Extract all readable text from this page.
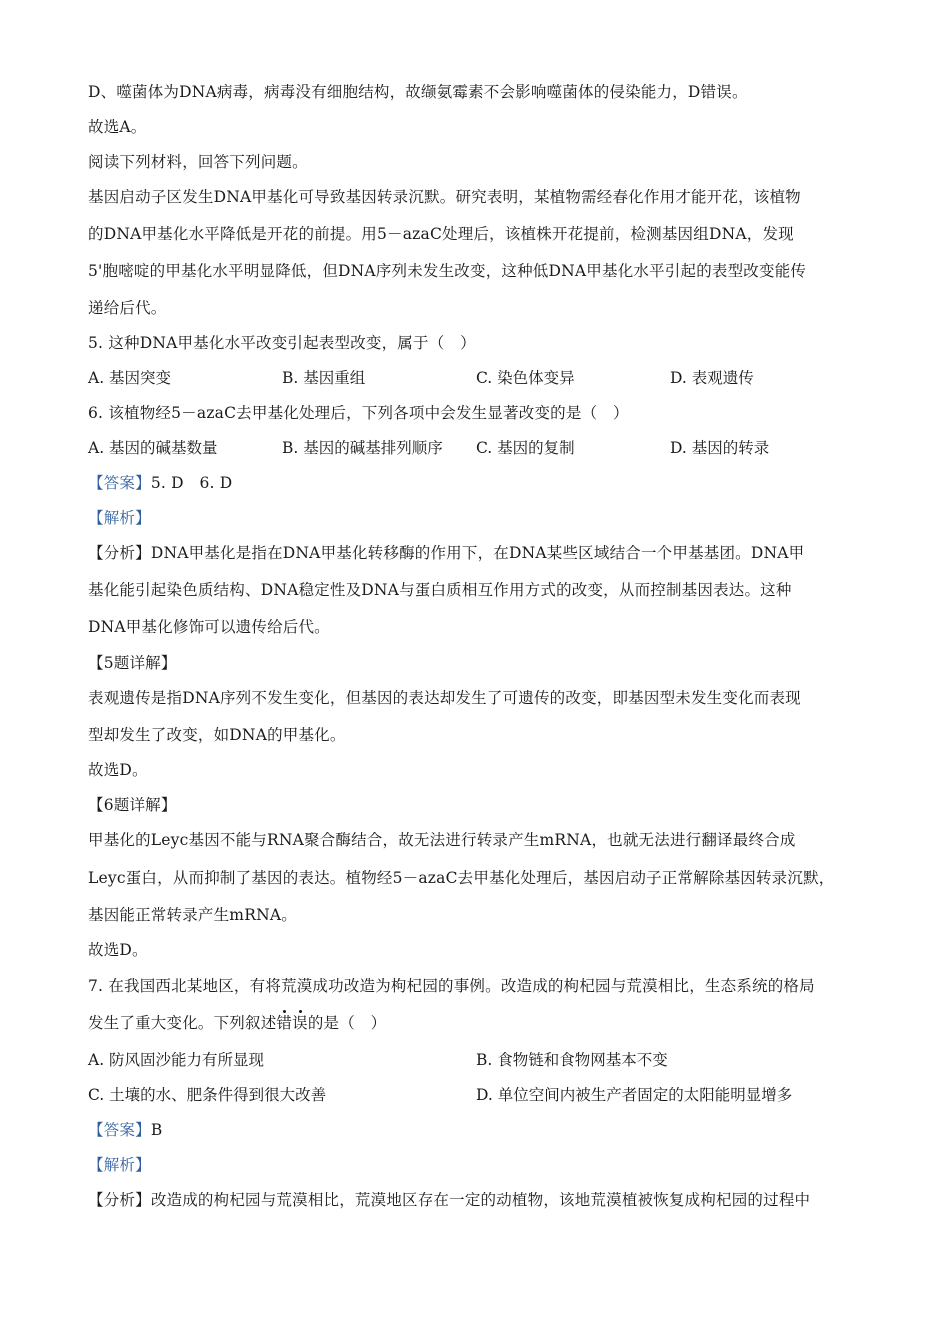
D、噬菌体为DNA病毒，病毒没有细胞结构，故缬氨霉素不会影响噬菌体的侵染能力，D错误。
故选A。
阅读下列材料，回答下列问题。
基因启动子区发生DNA甲基化可导致基因转录沉默。研究表明，某植物需经春化作用才能开花，该植物
的DNA甲基化水平降低是开花的前提。用5－azaC处理后，该植株开花提前，检测基因组DNA，发现
5'胞嘧啶的甲基化水平明显降低，但DNA序列未发生改变，这种低DNA甲基化水平引起的表型改变能传
递给后代。
5. 这种DNA甲基化水平改变引起表型改变，属于（　）
A. 基因突变	B. 基因重组	C. 染色体变异	D. 表观遗传
6. 该植物经5－azaC去甲基化处理后，下列各项中会发生显著改变的是（　）
A. 基因的碱基数量	B. 基因的碱基排列顺序 C. 基因的复制	D. 基因的转录
【答案】5. D　6. D
【解析】
【分析】DNA甲基化是指在DNA甲基化转移酶的作用下，在DNA某些区域结合一个甲基基团。DNA甲
基化能引起染色质结构、DNA稳定性及DNA与蛋白质相互作用方式的改变，从而控制基因表达。这种
DNA甲基化修饰可以遗传给后代。
【5题详解】
表观遗传是指DNA序列不发生变化，但基因的表达却发生了可遗传的改变，即基因型未发生变化而表现
型却发生了改变，如DNA的甲基化。
故选D。
【6题详解】
甲基化的Leyc基因不能与RNA聚合酶结合，故无法进行转录产生mRNA，也就无法进行翻译最终合成
Leyc蛋白，从而抑制了基因的表达。植物经5－azaC去甲基化处理后，基因启动子正常解除基因转录沉默，
基因能正常转录产生mRNA。
故选D。
7. 在我国西北某地区，有将荒漠成功改造为枸杞园的事例。改造成的枸杞园与荒漠相比，生态系统的格局
发生了重大变化。下列叙述错误的是（　）
A. 防风固沙能力有所显现	B. 食物链和食物网基本不变
C. 土壤的水、肥条件得到很大改善	D. 单位空间内被生产者固定的太阳能明显增多
【答案】B
【解析】
【分析】改造成的枸杞园与荒漠相比，荒漠地区存在一定的动植物，该地荒漠植被恢复成枸杞园的过程中
